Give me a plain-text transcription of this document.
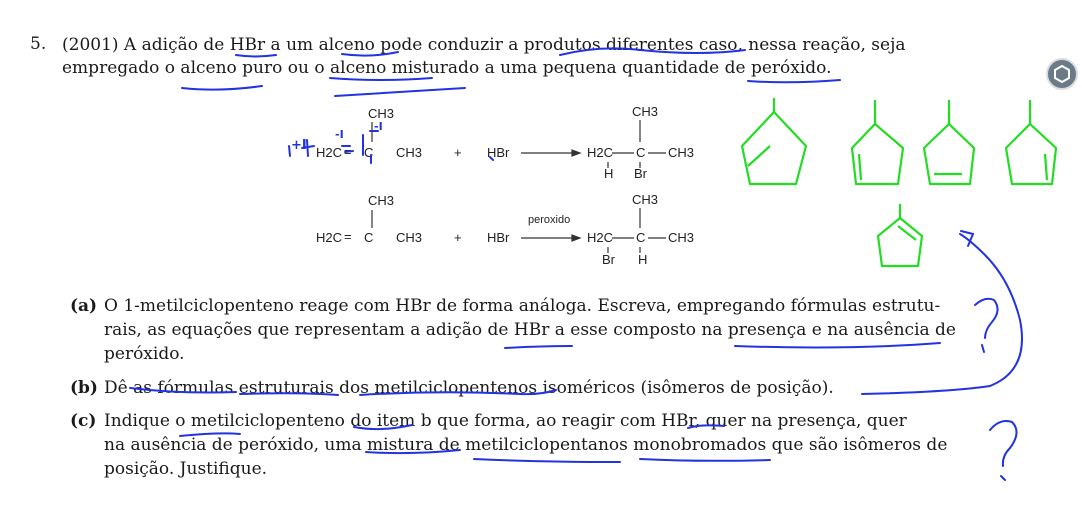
5. (2001) A adição de HBr a um alceno pode conduzir a produtos diferentes caso, nessa reação, seja
empregado o alceno puro ou o alceno misturado a uma pequena quantidade de peróxido.
CH3
H2C = C CH3 + HBr
CH3
H2C C CH3
H Br
CH3
H2C = C CH3 + HBr
peroxido
CH3
H2C C CH3
Br H
(a) O 1-metilciclopenteno reage com HBr de forma análoga. Escreva, empregando fórmulas estrutu-
rais, as equações que representam a adição de HBr a esse composto na presença e na ausência de
peróxido.
(b) Dê as fórmulas estruturais dos metilciclopentenos isoméricos (isômeros de posição).
(c) Indique o metilciclopenteno do item b que forma, ao reagir com HBr, quer na presença, quer
na ausência de peróxido, uma mistura de metilciclopentanos monobromados que são isômeros de
posição. Justifique.
+I
-I
-I
